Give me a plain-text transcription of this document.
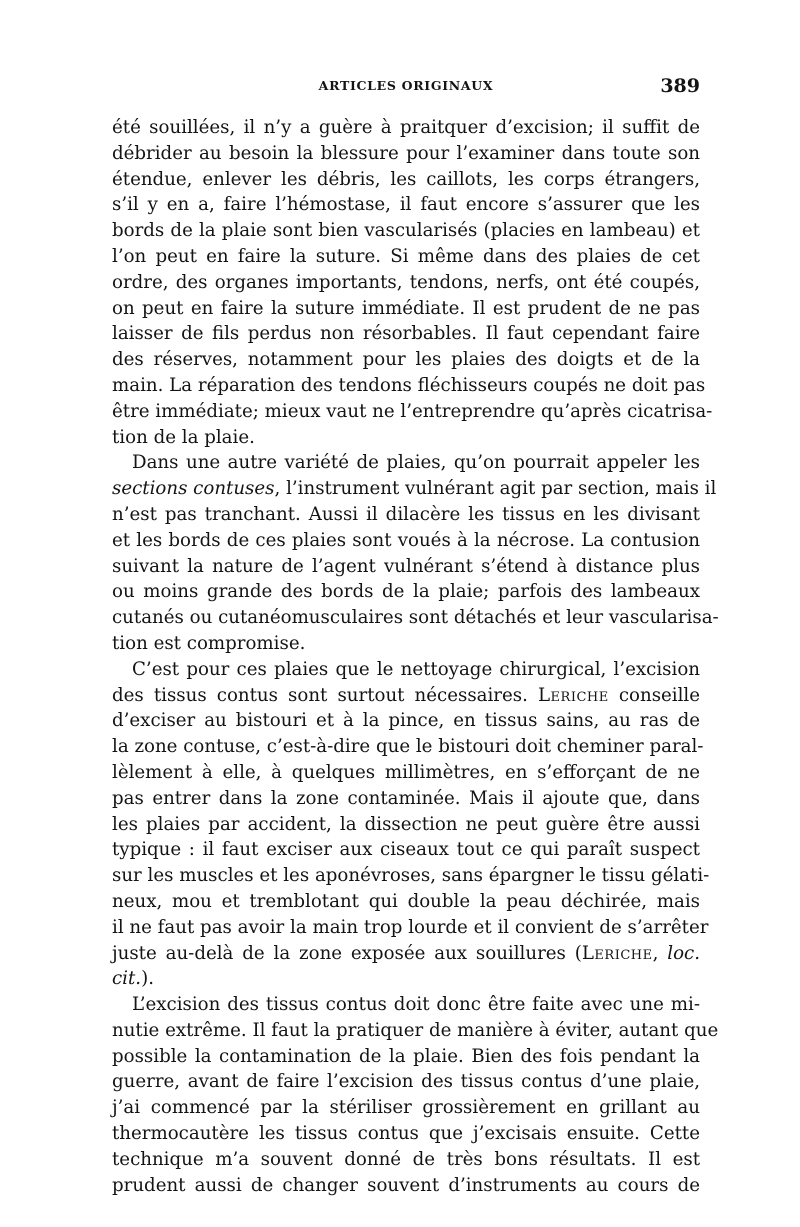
ARTICLES ORIGINAUX	389
été souillées, il n’y a guère à praitquer d’excision; il suffit de
débrider au besoin la blessure pour l’examiner dans toute son
étendue, enlever les débris, les caillots, les corps étrangers,
s’il y en a, faire l’hémostase, il faut encore s’assurer que les
bords de la plaie sont bien vascularisés (placies en lambeau) et
l’on peut en faire la suture. Si même dans des plaies de cet
ordre, des organes importants, tendons, nerfs, ont été coupés,
on peut en faire la suture immédiate. Il est prudent de ne pas
laisser de fils perdus non résorbables. Il faut cependant faire
des réserves, notamment pour les plaies des doigts et de la
main. La réparation des tendons fléchisseurs coupés ne doit pas
être immédiate; mieux vaut ne l’entreprendre qu’après cicatrisa-
tion de la plaie.
Dans une autre variété de plaies, qu’on pourrait appeler les
sections contuses, l’instrument vulnérant agit par section, mais il
n’est pas tranchant. Aussi il dilacère les tissus en les divisant
et les bords de ces plaies sont voués à la nécrose. La contusion
suivant la nature de l’agent vulnérant s’étend à distance plus
ou moins grande des bords de la plaie; parfois des lambeaux
cutanés ou cutanéomusculaires sont détachés et leur vascularisa-
tion est compromise.
C’est pour ces plaies que le nettoyage chirurgical, l’excision
des tissus contus sont surtout nécessaires. Leriche conseille
d’exciser au bistouri et à la pince, en tissus sains, au ras de
la zone contuse, c’est-à-dire que le bistouri doit cheminer paral-
lèlement à elle, à quelques millimètres, en s’efforçant de ne
pas entrer dans la zone contaminée. Mais il ajoute que, dans
les plaies par accident, la dissection ne peut guère être aussi
typique : il faut exciser aux ciseaux tout ce qui paraît suspect
sur les muscles et les aponévroses, sans épargner le tissu gélati-
neux, mou et tremblotant qui double la peau déchirée, mais
il ne faut pas avoir la main trop lourde et il convient de s’arrêter
juste au-delà de la zone exposée aux souillures (Leriche, loc.
cit.).
L’excision des tissus contus doit donc être faite avec une mi-
nutie extrême. Il faut la pratiquer de manière à éviter, autant que
possible la contamination de la plaie. Bien des fois pendant la
guerre, avant de faire l’excision des tissus contus d’une plaie,
j’ai commencé par la stériliser grossièrement en grillant au
thermocautère les tissus contus que j’excisais ensuite. Cette
technique m’a souvent donné de très bons résultats. Il est
prudent aussi de changer souvent d’instruments au cours de
